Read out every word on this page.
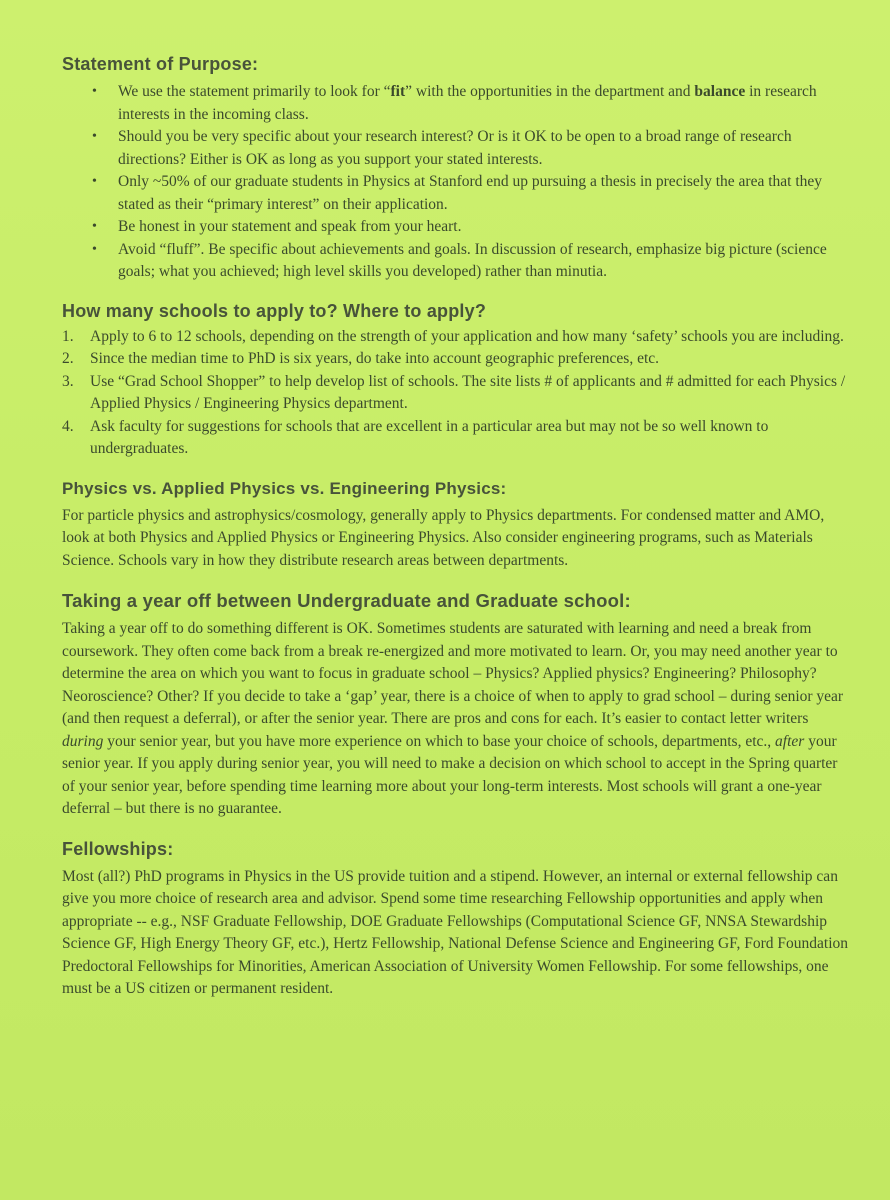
Statement of Purpose:
• We use the statement primarily to look for “fit” with the opportunities in the department and balance in research interests in the incoming class.
• Should you be very specific about your research interest? Or is it OK to be open to a broad range of research directions? Either is OK as long as you support your stated interests.
• Only ~50% of our graduate students in Physics at Stanford end up pursuing a thesis in precisely the area that they stated as their “primary interest” on their application.
• Be honest in your statement and speak from your heart.
• Avoid “fluff”. Be specific about achievements and goals. In discussion of research, emphasize big picture (science goals; what you achieved; high level skills you developed) rather than minutia.
How many schools to apply to? Where to apply?
1. Apply to 6 to 12 schools, depending on the strength of your application and how many ‘safety’ schools you are including.
2. Since the median time to PhD is six years, do take into account geographic preferences, etc.
3. Use “Grad School Shopper” to help develop list of schools. The site lists # of applicants and # admitted for each Physics / Applied Physics / Engineering Physics department.
4. Ask faculty for suggestions for schools that are excellent in a particular area but may not be so well known to undergraduates.
Physics vs. Applied Physics vs. Engineering Physics:

For particle physics and astrophysics/cosmology, generally apply to Physics departments. For condensed matter and AMO, look at both Physics and Applied Physics or Engineering Physics. Also consider engineering programs, such as Materials Science. Schools vary in how they distribute research areas between departments.

Taking a year off between Undergraduate and Graduate school:

Taking a year off to do something different is OK. Sometimes students are saturated with learning and need a break from coursework. They often come back from a break re-energized and more motivated to learn. Or, you may need another year to determine the area on which you want to focus in graduate school – Physics? Applied physics? Engineering? Philosophy? Neoroscience? Other? If you decide to take a ‘gap’ year, there is a choice of when to apply to grad school – during senior year (and then request a deferral), or after the senior year. There are pros and cons for each. It’s easier to contact letter writers during your senior year, but you have more experience on which to base your choice of schools, departments, etc., after your senior year. If you apply during senior year, you will need to make a decision on which school to accept in the Spring quarter of your senior year, before spending time learning more about your long-term interests. Most schools will grant a one-year deferral – but there is no guarantee.

Fellowships:

Most (all?) PhD programs in Physics in the US provide tuition and a stipend. However, an internal or external fellowship can give you more choice of research area and advisor. Spend some time researching Fellowship opportunities and apply when appropriate -- e.g., NSF Graduate Fellowship, DOE Graduate Fellowships (Computational Science GF, NNSA Stewardship Science GF, High Energy Theory GF, etc.), Hertz Fellowship, National Defense Science and Engineering GF, Ford Foundation Predoctoral Fellowships for Minorities, American Association of University Women Fellowship. For some fellowships, one must be a US citizen or permanent resident.
